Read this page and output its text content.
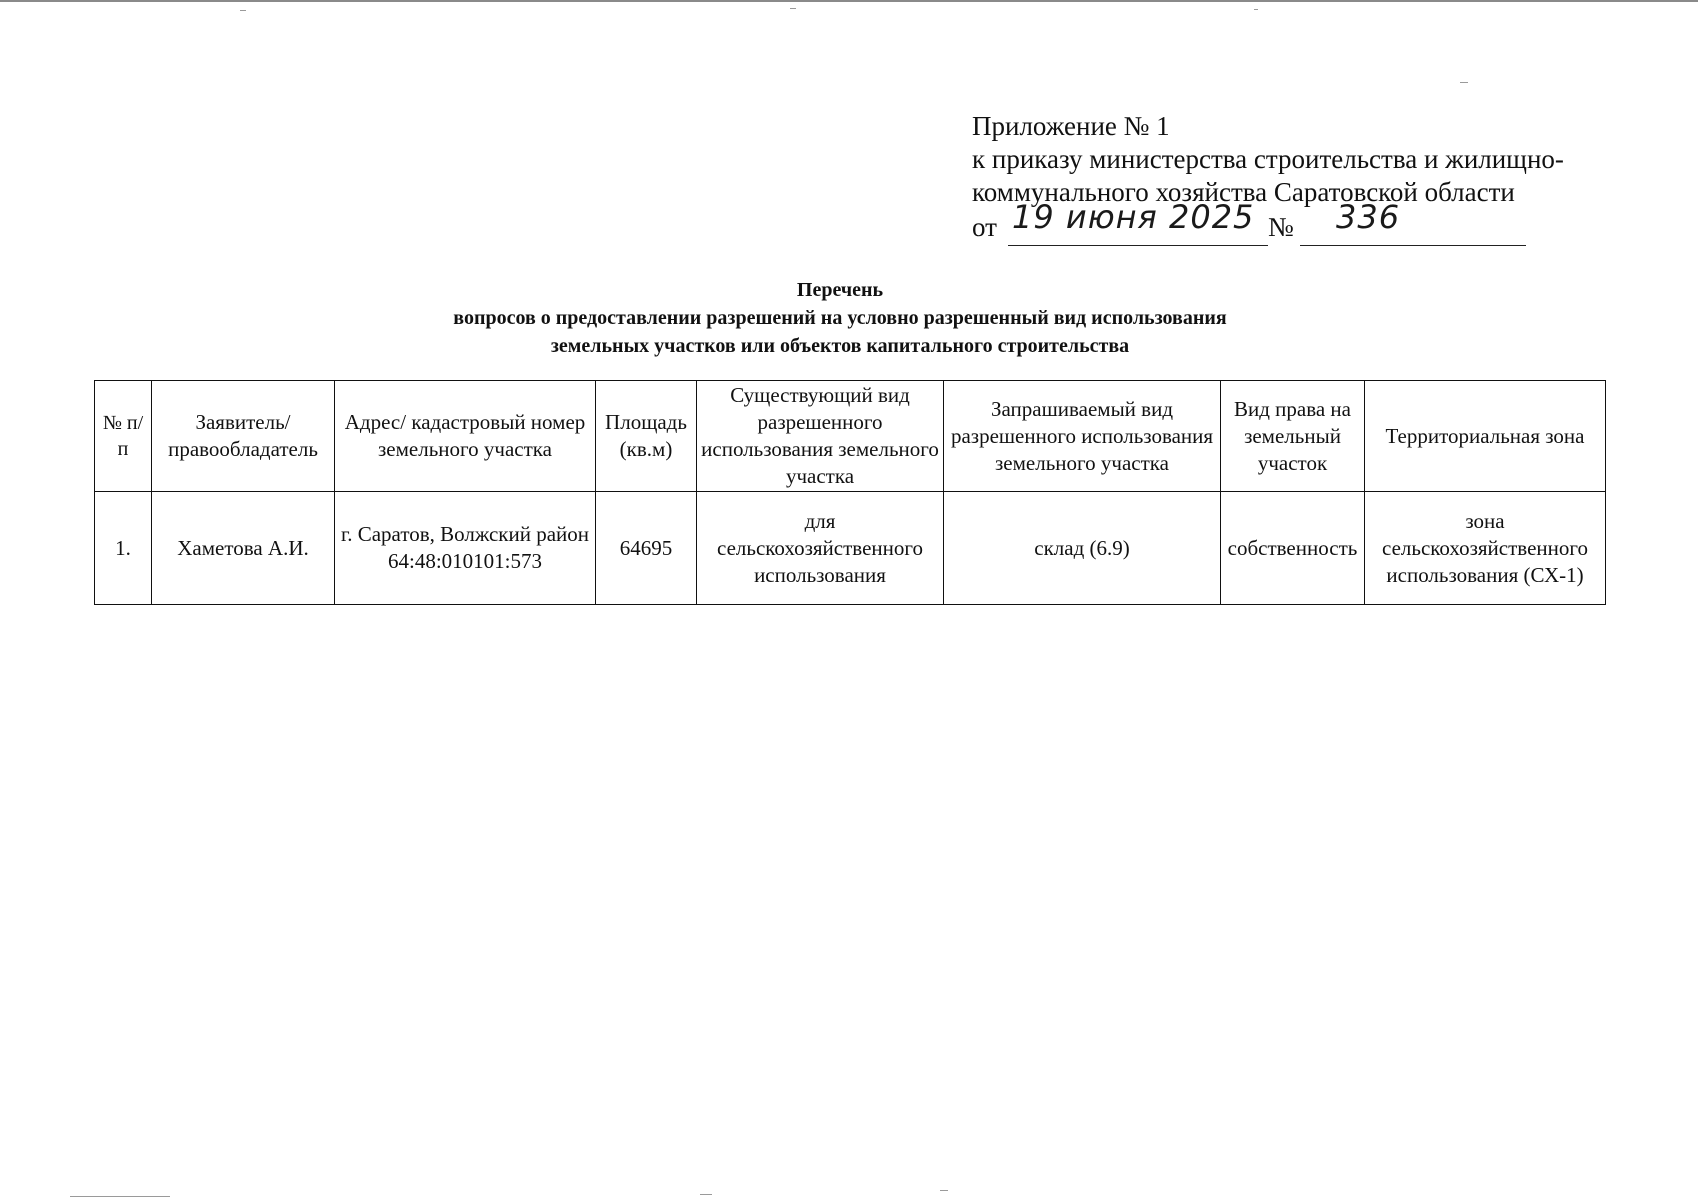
Приложение № 1
к приказу министерства строительства и жилищно-
коммунального хозяйства Саратовской области
от 19 июня 2025 № 336
Перечень
вопросов о предоставлении разрешений на условно разрешенный вид использования
земельных участков или объектов капитального строительства
№ п/п	Заявитель/ правообладатель	Адрес/ кадастровый номер земельного участка	Площадь (кв.м)	Существующий вид разрешенного использования земельного участка	Запрашиваемый вид разрешенного использования земельного участка	Вид права на земельный участок	Территориальная зона
1.	Хаметова А.И.	г. Саратов, Волжский район 64:48:010101:573	64695	для сельскохозяйственного использования	склад (6.9)	собственность	зона сельскохозяйственного использования (СХ-1)
